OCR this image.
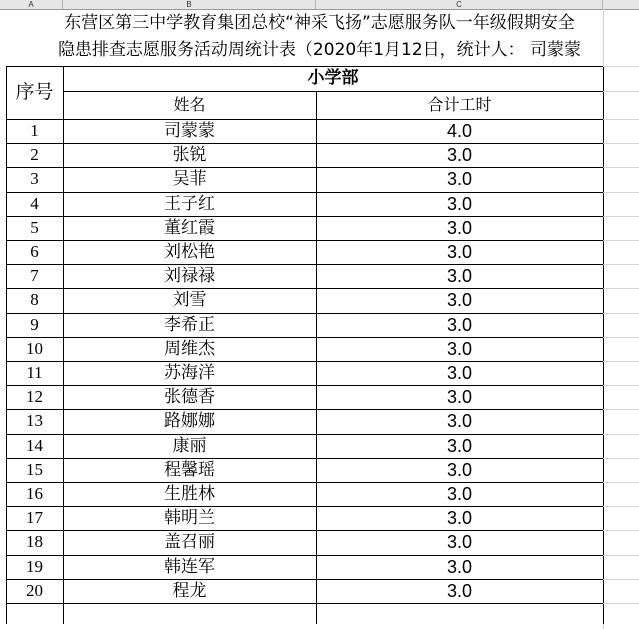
A	B	C
东营区第三中学教育集团总校“神采飞扬”志愿服务队一年级假期安全
隐患排查志愿服务活动周统计表（2020年1月12日，统计人： 司蒙蒙
序号
小学部
姓名	合计工时
1	司蒙蒙	4.0
2	张锐	3.0
3	吴菲	3.0
4	王子红	3.0
5	董红霞	3.0
6	刘松艳	3.0
7	刘禄禄	3.0
8	刘雪	3.0
9	李希正	3.0
10	周维杰	3.0
11	苏海洋	3.0
12	张德香	3.0
13	路娜娜	3.0
14	康丽	3.0
15	程馨瑶	3.0
16	生胜林	3.0
17	韩明兰	3.0
18	盖召丽	3.0
19	韩连军	3.0
20	程龙	3.0
